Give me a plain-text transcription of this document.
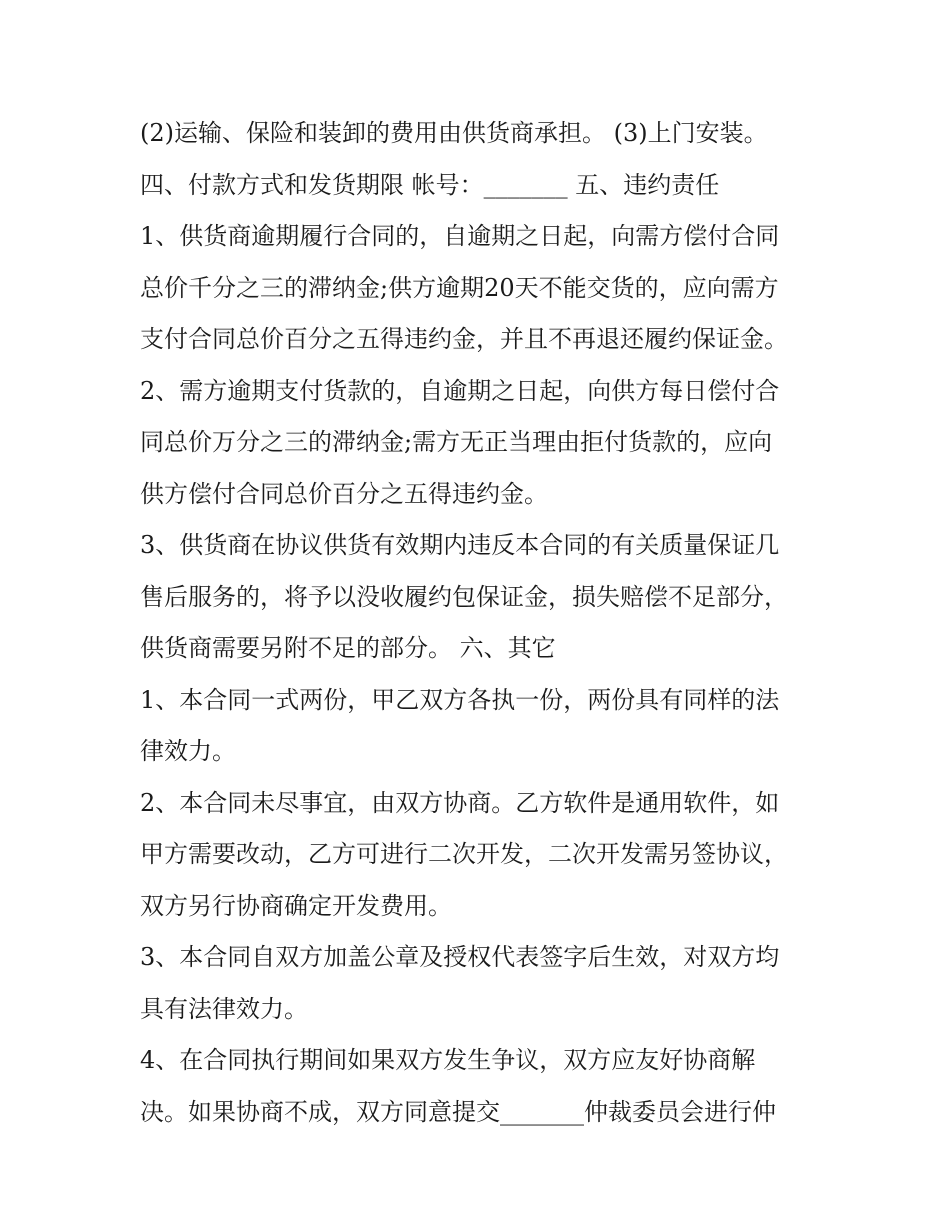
(2)运输、保险和装卸的费用由供货商承担。 (3)上门安装。
四、付款方式和发货期限 帐号：_______ 五、违约责任
1、供货商逾期履行合同的，自逾期之日起，向需方偿付合同
总价千分之三的滞纳金;供方逾期20天不能交货的，应向需方
支付合同总价百分之五得违约金，并且不再退还履约保证金。
2、需方逾期支付货款的，自逾期之日起，向供方每日偿付合
同总价万分之三的滞纳金;需方无正当理由拒付货款的，应向
供方偿付合同总价百分之五得违约金。
3、供货商在协议供货有效期内违反本合同的有关质量保证几
售后服务的，将予以没收履约包保证金，损失赔偿不足部分，
供货商需要另附不足的部分。 六、其它
1、本合同一式两份，甲乙双方各执一份，两份具有同样的法
律效力。
2、本合同未尽事宜，由双方协商。乙方软件是通用软件，如
甲方需要改动，乙方可进行二次开发，二次开发需另签协议，
双方另行协商确定开发费用。
3、本合同自双方加盖公章及授权代表签字后生效，对双方均
具有法律效力。
4、在合同执行期间如果双方发生争议，双方应友好协商解
决。如果协商不成，双方同意提交_______仲裁委员会进行仲
